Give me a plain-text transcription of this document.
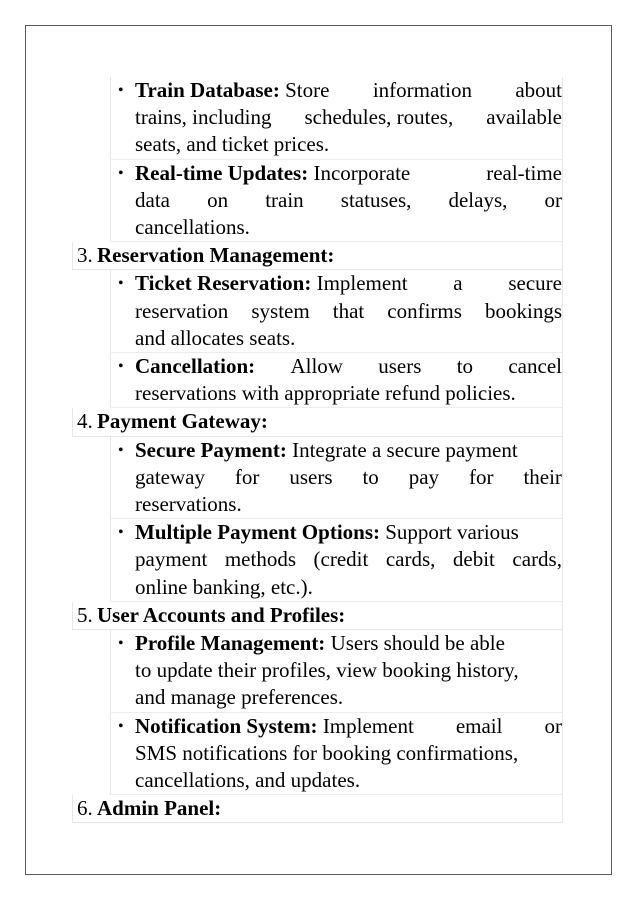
• Train Database: Store information about
trains, including schedules, routes, available
seats, and ticket prices.
• Real-time Updates: Incorporate	real-time
data on train statuses, delays, or
cancellations.
3. Reservation Management:
• Ticket Reservation: Implement a secure
reservation system that confirms bookings
and allocates seats.
• Cancellation: Allow users to cancel
reservations with appropriate refund policies.
4. Payment Gateway:
• Secure Payment: Integrate a secure payment
gateway for users to pay for their
reservations.
• Multiple Payment Options: Support various
payment methods (credit cards, debit cards,
online banking, etc.).
5. User Accounts and Profiles:
• Profile Management: Users should be able
to update their profiles, view booking history,
and manage preferences.
• Notification System: Implement email or
SMS notifications for booking confirmations,
cancellations, and updates.
6. Admin Panel:
